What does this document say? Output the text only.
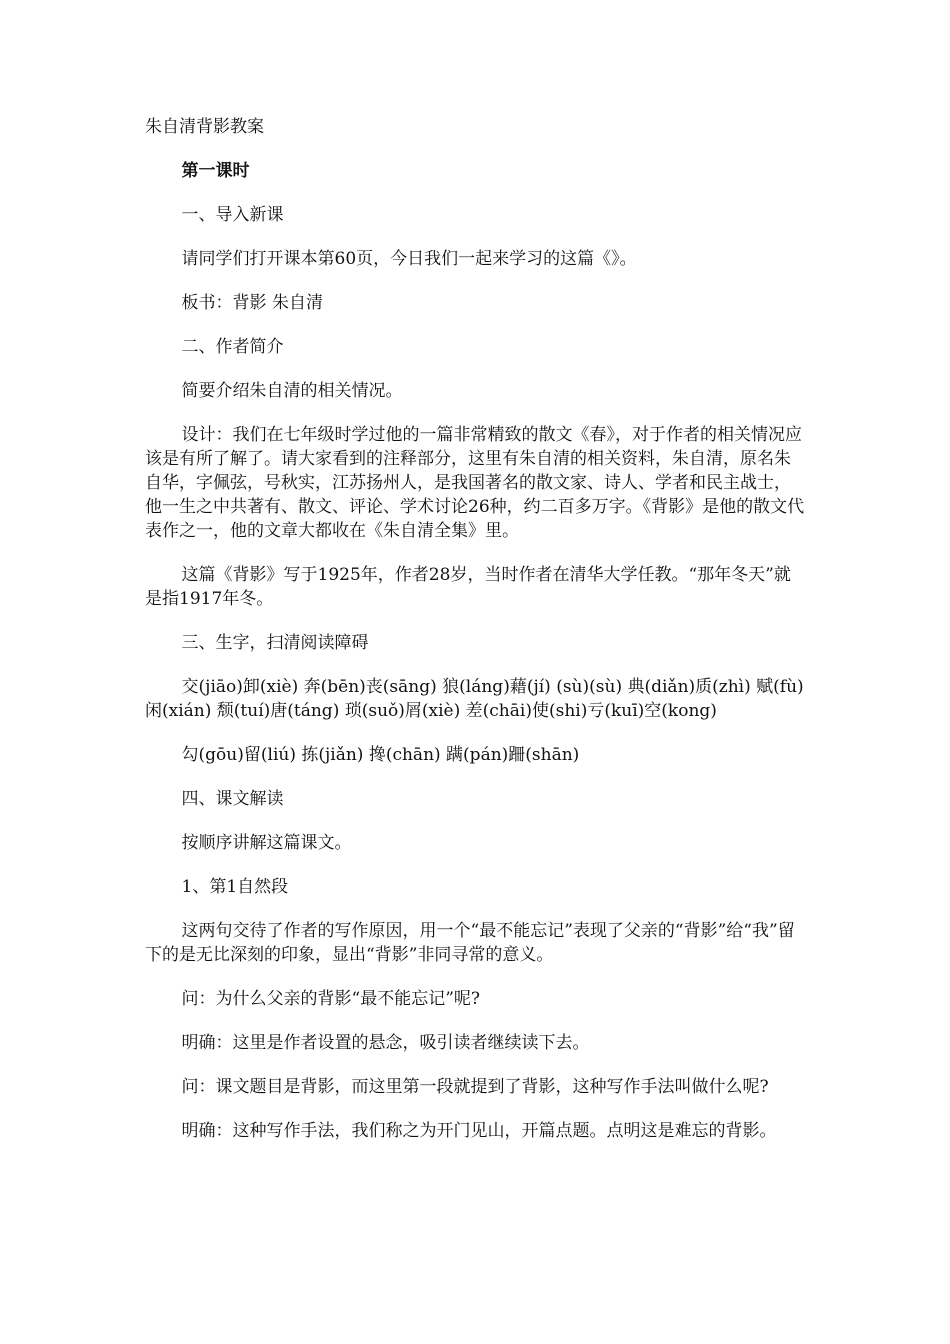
朱自清背影教案

第一课时

一、导入新课

请同学们打开课本第60页，今日我们一起来学习的这篇《》。

板书：背影 朱自清

二、作者简介

简要介绍朱自清的相关情况。

设计：我们在七年级时学过他的一篇非常精致的散文《春》，对于作者的相关情况应该是有所了解了。请大家看到的注释部分，这里有朱自清的相关资料，朱自清，原名朱自华，字佩弦，号秋实，江苏扬州人，是我国著名的散文家、诗人、学者和民主战士，他一生之中共著有、散文、评论、学术讨论26种，约二百多万字。《背影》是他的散文代表作之一，他的文章大都收在《朱自清全集》里。

这篇《背影》写于1925年，作者28岁，当时作者在清华大学任教。“那年冬天”就是指1917年冬。

三、生字，扫清阅读障碍

交(jiāo)卸(xiè) 奔(bēn)丧(sāng) 狼(láng)藉(jí) (sù)(sù) 典(diǎn)质(zhì) 赋(fù)闲(xián) 颓(tuí)唐(táng) 琐(suǒ)屑(xiè) 差(chāi)使(shi)亏(kuī)空(kong)

勾(gōu)留(liú) 拣(jiǎn) 搀(chān) 蹒(pán)跚(shān)

四、课文解读

按顺序讲解这篇课文。

1、第1自然段

这两句交待了作者的写作原因，用一个“最不能忘记”表现了父亲的“背影”给“我”留下的是无比深刻的印象，显出“背影”非同寻常的意义。

问：为什么父亲的背影“最不能忘记”呢?

明确：这里是作者设置的悬念，吸引读者继续读下去。

问：课文题目是背影，而这里第一段就提到了背影，这种写作手法叫做什么呢?

明确：这种写作手法，我们称之为开门见山，开篇点题。点明这是难忘的背影。
